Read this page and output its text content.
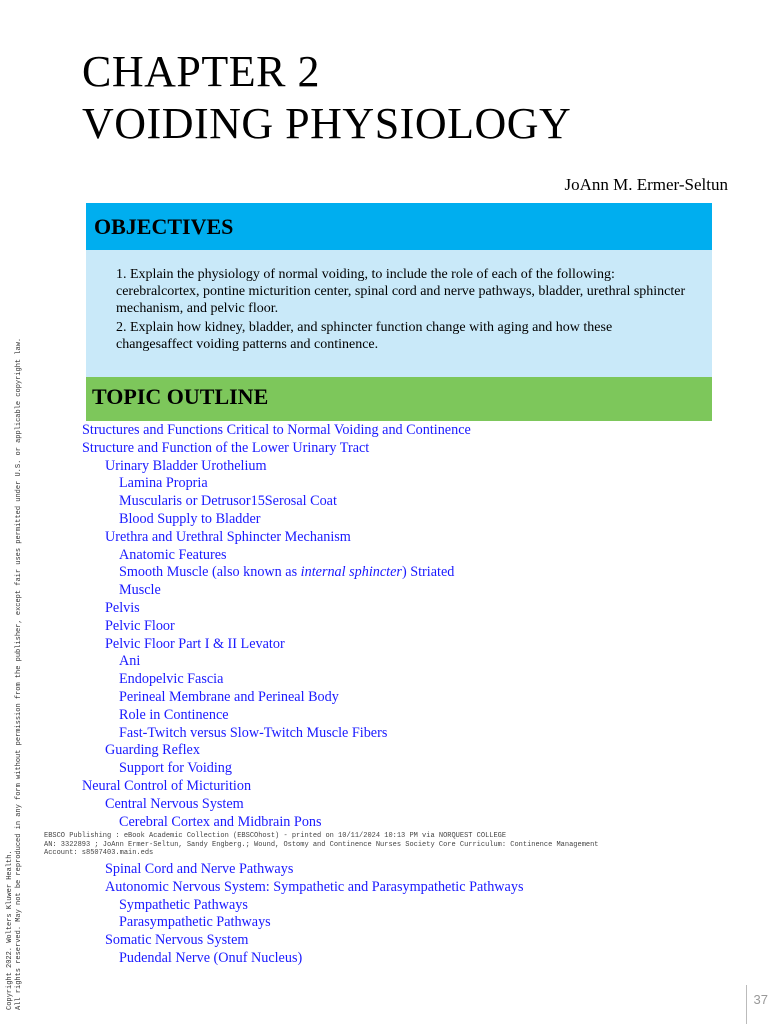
Copyright 2022. Wolters Kluwer Health. All rights reserved. May not be reproduced in any form without permission from the publisher, except fair uses permitted under U.S. or applicable copyright law.
CHAPTER 2
VOIDING PHYSIOLOGY
JoAnn M. Ermer-Seltun
OBJECTIVES
1. Explain the physiology of normal voiding, to include the role of each of the following: cerebralcortex, pontine micturition center, spinal cord and nerve pathways, bladder, urethral sphincter mechanism, and pelvic floor.
2. Explain how kidney, bladder, and sphincter function change with aging and how these changesaffect voiding patterns and continence.
TOPIC OUTLINE
Structures and Functions Critical to Normal Voiding and Continence
Structure and Function of the Lower Urinary Tract
Urinary Bladder Urothelium
Lamina Propria
Muscularis or Detrusor15Serosal Coat
Blood Supply to Bladder
Urethra and Urethral Sphincter Mechanism
Anatomic Features
Smooth Muscle (also known as internal sphincter) Striated
Muscle
Pelvis
Pelvic Floor
Pelvic Floor Part I & II Levator
Ani
Endopelvic Fascia
Perineal Membrane and Perineal Body
Role in Continence
Fast-Twitch versus Slow-Twitch Muscle Fibers
Guarding Reflex
Support for Voiding
Neural Control of Micturition
Central Nervous System
Cerebral Cortex and Midbrain Pons
EBSCO Publishing : eBook Academic Collection (EBSCOhost) - printed on 10/11/2024 10:13 PM via NORQUEST COLLEGE
AN: 3322893 ; JoAnn Ermer-Seltun, Sandy Engberg.; Wound, Ostomy and Continence Nurses Society Core Curriculum: Continence Management
Account: s8507403.main.eds
Spinal Cord and Nerve Pathways
Autonomic Nervous System: Sympathetic and Parasympathetic Pathways
Sympathetic Pathways
Parasympathetic Pathways
Somatic Nervous System
Pudendal Nerve (Onuf Nucleus)
37
